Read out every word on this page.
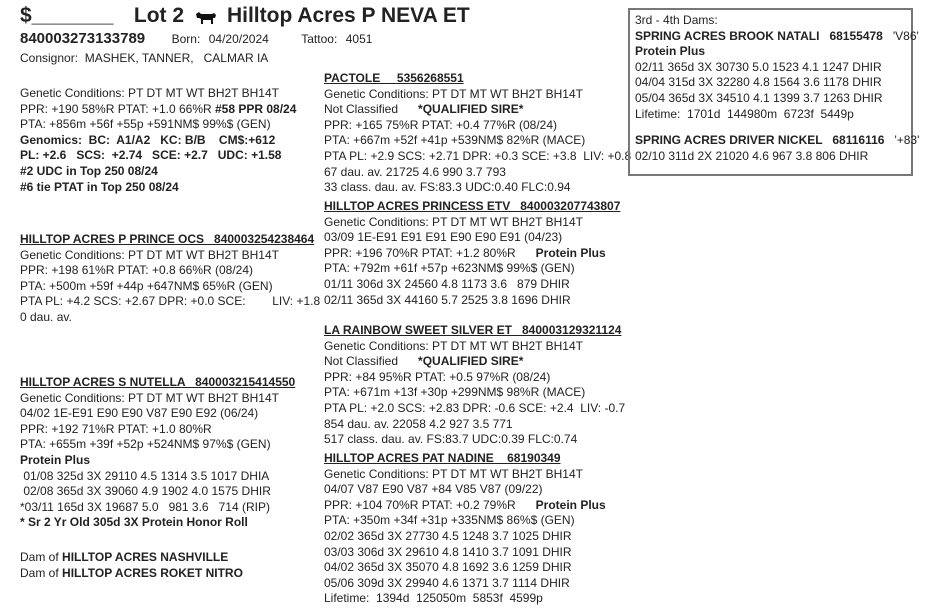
$_______ Lot 2 Hilltop Acres P NEVA ET
840003273133789 Born: 04/20/2024	Tattoo: 4051
Consignor:  MASHEK, TANNER,   CALMAR IA
Genetic Conditions: PT DT MT WT BH2T BH14T
PPR: +190 58%R PTAT: +1.0 66%R #58 PPR 08/24
PTA: +856m +56f +55p +591NM$ 99%$ (GEN)
Genomics:  BC:  A1/A2   KC: B/B    CM$:+612
PL: +2.6   SCS:  +2.74   SCE: +2.7   UDC: +1.58
#2 UDC in Top 250 08/24
#6 tie PTAT in Top 250 08/24
HILLTOP ACRES P PRINCE OCS   840003254238464
Genetic Conditions: PT DT MT WT BH2T BH14T
PPR: +198 61%R PTAT: +0.8 66%R (08/24)
PTA: +500m +59f +44p +647NM$ 65%R (GEN)
PTA PL: +4.2 SCS: +2.67 DPR: +0.0 SCE:        LIV: +1.8
0 dau. av.
HILLTOP ACRES S NUTELLA   840003215414550
Genetic Conditions: PT DT MT WT BH2T BH14T
04/02 1E-E91 E90 E90 V87 E90 E92 (06/24)
PPR: +192 71%R PTAT: +1.0 80%R
PTA: +655m +39f +52p +524NM$ 97%$ (GEN)
Protein Plus
01/08 325d 3X 29110 4.5 1314 3.5 1017 DHIA
02/08 365d 3X 39060 4.9 1902 4.0 1575 DHIR
*03/11 165d 3X 19687 5.0   981 3.6   714 (RIP)
* Sr 2 Yr Old 305d 3X Protein Honor Roll
Dam of HILLTOP ACRES NASHVILLE
Dam of HILLTOP ACRES ROKET NITRO
PACTOLE     5356268551
Genetic Conditions: PT DT MT WT BH2T BH14T
Not Classified *QUALIFIED SIRE*
PPR: +165 75%R PTAT: +0.4 77%R (08/24)
PTA: +667m +52f +41p +539NM$ 82%R (MACE)
PTA PL: +2.9 SCS: +2.71 DPR: +0.3 SCE: +3.8  LIV: +0.8
67 dau. av. 21725 4.6 990 3.7 793
33 class. dau. av. FS:83.3 UDC:0.40 FLC:0.94
HILLTOP ACRES PRINCESS ETV   840003207743807
Genetic Conditions: PT DT MT WT BH2T BH14T
03/09 1E-E91 E91 E91 E90 E90 E91 (04/23)
PPR: +196 70%R PTAT: +1.2 80%R      Protein Plus
PTA: +792m +61f +57p +623NM$ 99%$ (GEN)
01/11 306d 3X 24560 4.8 1173 3.6   879 DHIR
02/11 365d 3X 44160 5.7 2525 3.8 1696 DHIR
LA RAINBOW SWEET SILVER ET   840003129321124
Genetic Conditions: PT DT MT WT BH2T BH14T
Not Classified *QUALIFIED SIRE*
PPR: +84 95%R PTAT: +0.5 97%R (08/24)
PTA: +671m +13f +30p +299NM$ 98%R (MACE)
PTA PL: +2.0 SCS: +2.83 DPR: -0.6 SCE: +2.4  LIV: -0.7
854 dau. av. 22058 4.2 927 3.5 771
517 class. dau. av. FS:83.7 UDC:0.39 FLC:0.74
HILLTOP ACRES PAT NADINE    68190349
Genetic Conditions: PT DT MT WT BH2T BH14T
04/07 V87 E90 V87 +84 V85 V87 (09/22)
PPR: +104 70%R PTAT: +0.2 79%R      Protein Plus
PTA: +350m +34f +31p +335NM$ 86%$ (GEN)
02/02 365d 3X 27730 4.5 1248 3.7 1025 DHIR
03/03 306d 3X 29610 4.8 1410 3.7 1091 DHIR
04/02 365d 3X 35070 4.8 1692 3.6 1259 DHIR
05/06 309d 3X 29940 4.6 1371 3.7 1114 DHIR
Lifetime:  1394d  125050m  5853f  4599p
3rd - 4th Dams:
SPRING ACRES BROOK NATALI   68155478 'V86'
Protein Plus
02/11 365d 3X 30730 5.0 1523 4.1 1247 DHIR
04/04 315d 3X 32280 4.8 1564 3.6 1178 DHIR
05/04 365d 3X 34510 4.1 1399 3.7 1263 DHIR
Lifetime:  1701d  144980m  6723f  5449p
SPRING ACRES DRIVER NICKEL   68116116 '+83'
02/10 311d 2X 21020 4.6 967 3.8 806 DHIR
